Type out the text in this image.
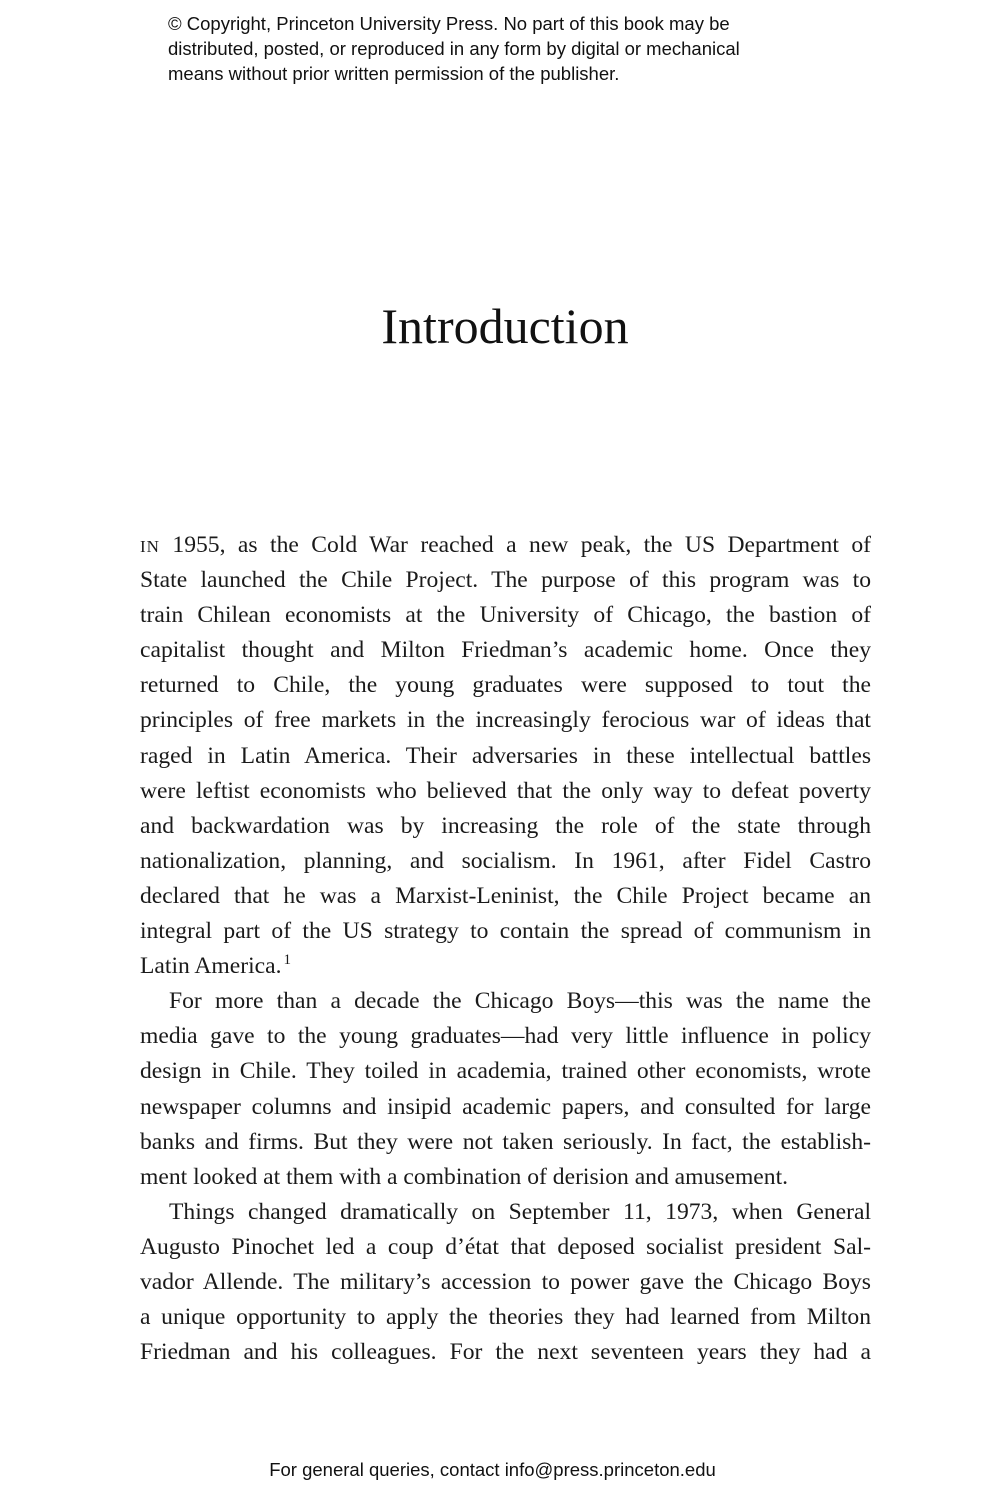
© Copyright, Princeton University Press. No part of this book may be
distributed, posted, or reproduced in any form by digital or mechanical
means without prior written permission of the publisher.
Introduction

in 1955, as the Cold War reached a new peak, the US Department of
State launched the Chile Project. The purpose of this program was to
train Chilean economists at the University of Chicago, the bastion of
capitalist thought and Milton Friedman’s academic home. Once they
returned to Chile, the young graduates were supposed to tout the
principles of free markets in the increasingly ferocious war of ideas that
raged in Latin America. Their adversaries in these intellectual battles
were leftist economists who believed that the only way to defeat poverty
and backwardation was by increasing the role of the state through
nationalization, planning, and socialism. In 1961, after Fidel Castro
declared that he was a Marxist-Leninist, the Chile Project became an
integral part of the US strategy to contain the spread of communism in
Latin America. $^1$

For more than a decade the Chicago Boys—this was the name the
media gave to the young graduates—had very little influence in policy
design in Chile. They toiled in academia, trained other economists, wrote
newspaper columns and insipid academic papers, and consulted for large
banks and firms. But they were not taken seriously. In fact, the establish-
ment looked at them with a combination of derision and amusement.

Things changed dramatically on September 11, 1973, when General
Augusto Pinochet led a coup d’état that deposed socialist president Sal-
vador Allende. The military’s accession to power gave the Chicago Boys
a unique opportunity to apply the theories they had learned from Milton
Friedman and his colleagues. For the next seventeen years they had a

For general queries, contact info@press.princeton.edu
